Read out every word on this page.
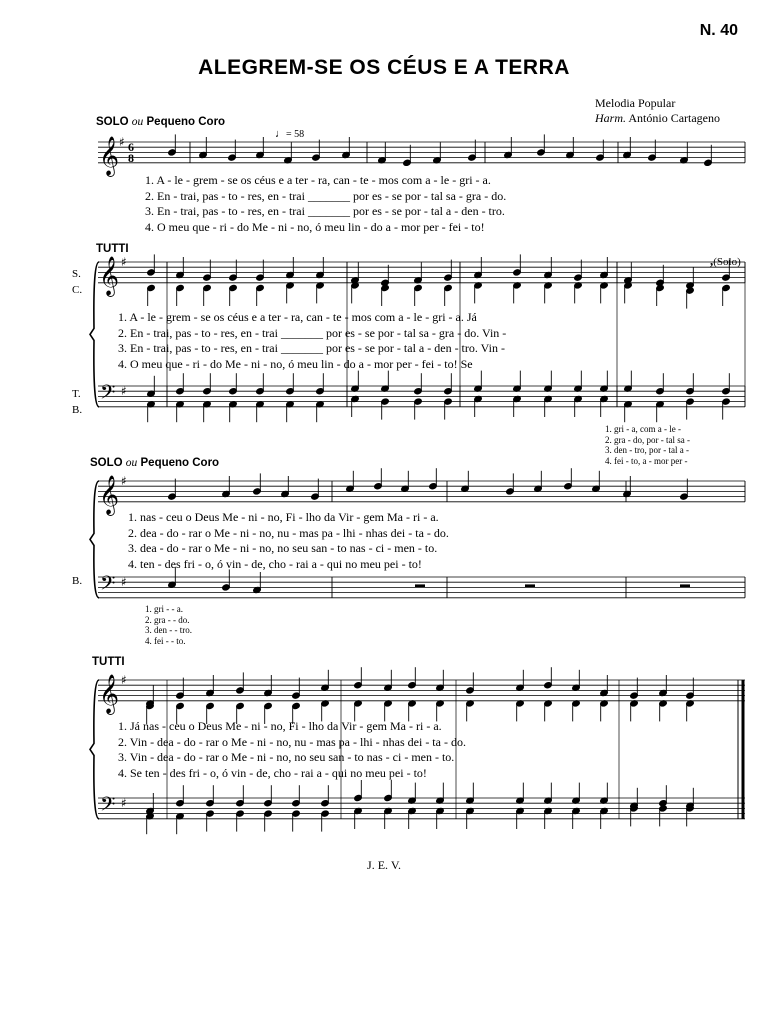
N. 40
ALEGREM-SE OS CÉUS E A TERRA
Melodia Popular
Harm. António Cartageno
SOLO ou Pequeno Coro
♩= 58
TUTTI
,(Solo)
S.
C.
T.
B.
SOLO ou Pequeno Coro
B.
TUTTI
𝄞 ♯ 6
8
𝄞 ♯
𝄢 ♯
𝄞 ♯
𝄢 ♯
𝄞 ♯
𝄢 ♯
1. A - le - grem - se os céus e a ter - ra, can - te - mos com a - le - gri - a.
2. En - trai, pas - to - res, en - trai _______ por es - se por - tal sa - gra - do.
3. En - trai, pas - to - res, en - trai _______ por es - se por - tal a - den - tro.
4. O meu que - ri - do Me - ni - no, ó meu lin - do a - mor per - fei - to!
1. A - le - grem - se os céus e a ter - ra, can - te - mos com a - le - gri - a. Já
2. En - trai, pas - to - res, en - trai _______ por es - se por - tal sa - gra - do. Vin -
3. En - trai, pas - to - res, en - trai _______ por es - se por - tal a - den - tro. Vin -
4. O meu que - ri - do Me - ni - no, ó meu lin - do a - mor per - fei - to! Se
1. gri - a, com a - le -
2. gra - do, por - tal sa -
3. den - tro, por - tal a -
4. fei - to, a - mor per -
1. nas - ceu o Deus Me - ni - no, Fi - lho da Vir - gem Ma - ri - a.
2. dea - do - rar o Me - ni - no, nu - mas pa - lhi - nhas dei - ta - do.
3. dea - do - rar o Me - ni - no, no seu san - to nas - ci - men - to.
4. ten - des fri - o, ó vin - de, cho - rai a - qui no meu pei - to!
1. gri - - a.
2. gra - - do.
3. den - - tro.
4. fei - - to.
1. Já nas - ceu o Deus Me - ni - no, Fi - lho da Vir - gem Ma - ri - a.
2. Vin - dea - do - rar o Me - ni - no, nu - mas pa - lhi - nhas dei - ta - do.
3. Vin - dea - do - rar o Me - ni - no, no seu san - to nas - ci - men - to.
4. Se ten - des fri - o, ó vin - de, cho - rai a - qui no meu pei - to!
J. E. V.
